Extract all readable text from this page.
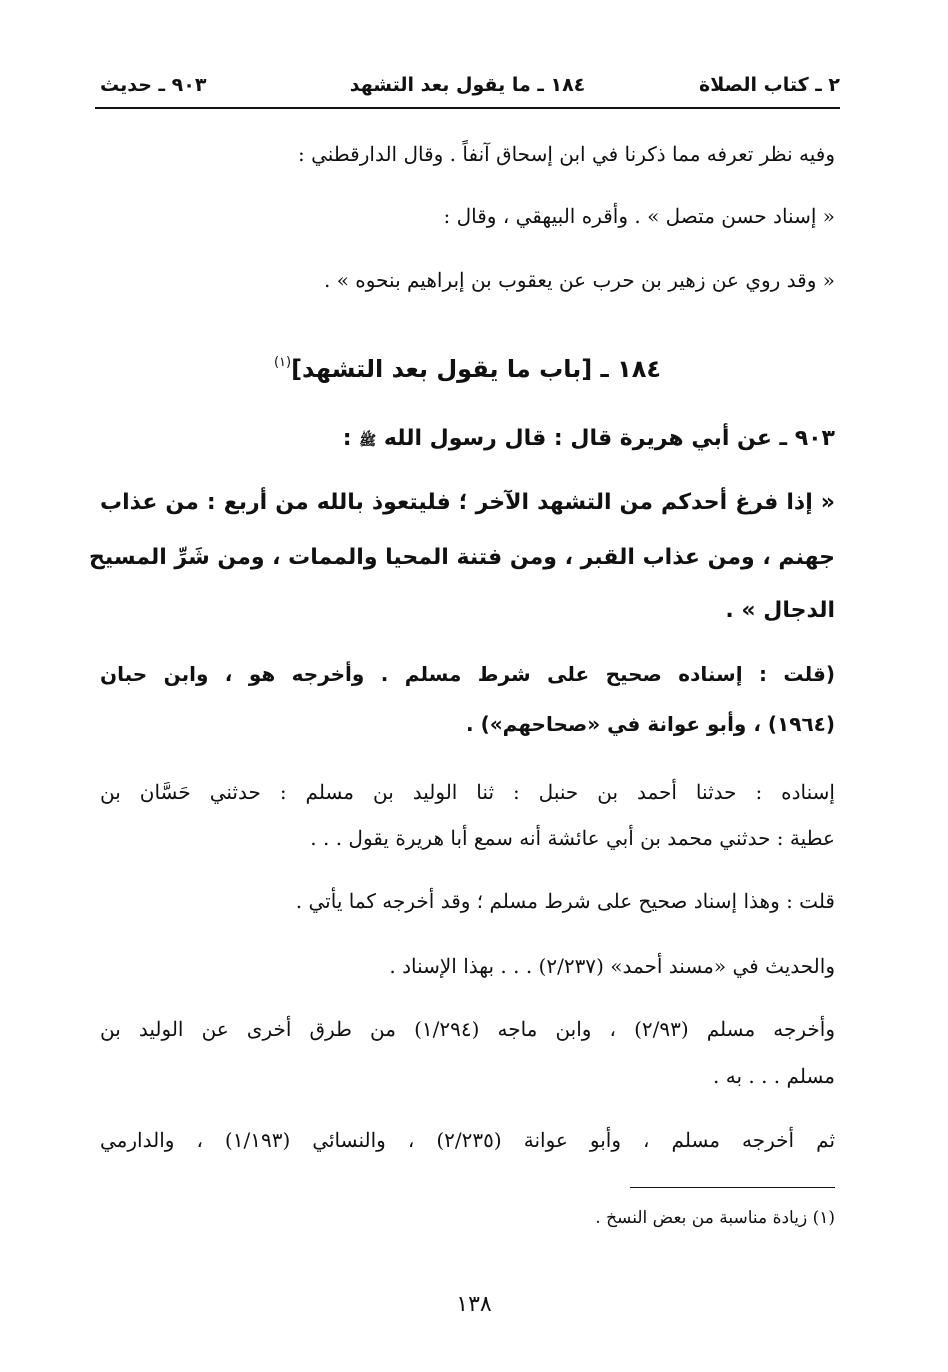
٢ ـ كتاب الصلاة
١٨٤ ـ ما يقول بعد التشهد
٩٠٣ ـ حديث

وفيه نظر تعرفه مما ذكرنا في ابن إسحاق آنفاً . وقال الدارقطني :

« إسناد حسن متصل » . وأقره البيهقي ، وقال :

« وقد روي عن زهير بن حرب عن يعقوب بن إبراهيم بنحوه » .

١٨٤ ـ [باب ما يقول بعد التشهد]$^{(١)}$
٩٠٣ ـ عن أبي هريرة قال : قال رسول الله ﷺ :

« إذا فرغ أحدكم من التشهد الآخر ؛ فليتعوذ بالله من أربع : من عذاب

جهنم ، ومن عذاب القبر ، ومن فتنة المحيا والممات ، ومن شَرِّ المسيح

الدجال » .

(قلت : إسناده صحيح على شرط مسلم . وأخرجه هو ، وابن حبان

(١٩٦٤) ، وأبو عوانة في «صحاحهم») .

إسناده : حدثنا أحمد بن حنبل : ثنا الوليد بن مسلم : حدثني حَسَّان بن

عطية : حدثني محمد بن أبي عائشة أنه سمع أبا هريرة يقول . . .

قلت : وهذا إسناد صحيح على شرط مسلم ؛ وقد أخرجه كما يأتي .

والحديث في «مسند أحمد» (٢/٢٣٧) . . . بهذا الإسناد .

وأخرجه مسلم (٢/٩٣) ، وابن ماجه (١/٢٩٤) من طرق أخرى عن الوليد بن

مسلم . . . به .

ثم أخرجه مسلم ، وأبو عوانة (٢/٢٣٥) ، والنسائي (١/١٩٣) ، والدارمي

(١) زيادة مناسبة من بعض النسخ .

١٣٨
